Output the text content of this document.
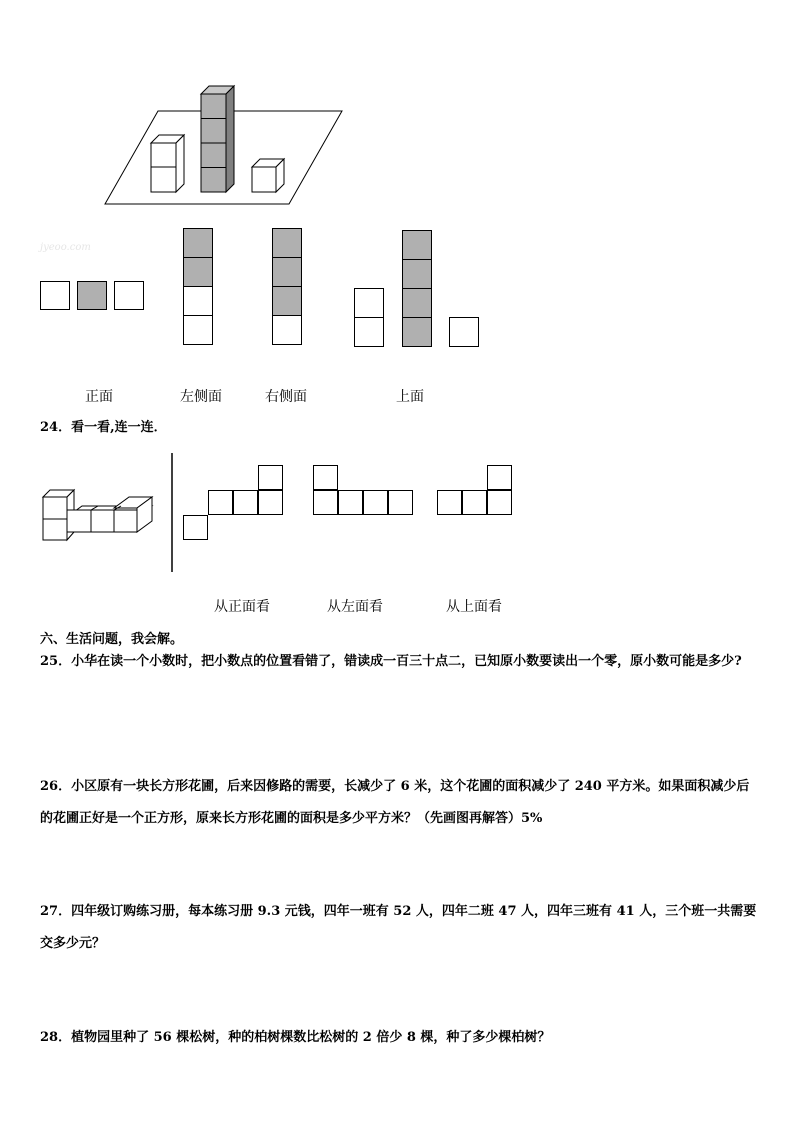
jyeoo.com
正面	左侧面	右侧面	上面
24．看一看,连一连．
从正面看	从左面看	从上面看
六、生活问题，我会解。
25．小华在读一个小数时，把小数点的位置看错了，错读成一百三十点二，已知原小数要读出一个零，原小数可能是多少?
26．小区原有一块长方形花圃，后来因修路的需要，长减少了 6 米，这个花圃的面积减少了 240 平方米。如果面积减少后的花圃正好是一个正方形，原来长方形花圃的面积是多少平方米？（先画图再解答）5%
27．四年级订购练习册，每本练习册 9.3 元钱，四年一班有 52 人，四年二班 47 人，四年三班有 41 人，三个班一共需要交多少元？
28．植物园里种了 56 棵松树，种的柏树棵数比松树的 2 倍少 8 棵，种了多少棵柏树？
